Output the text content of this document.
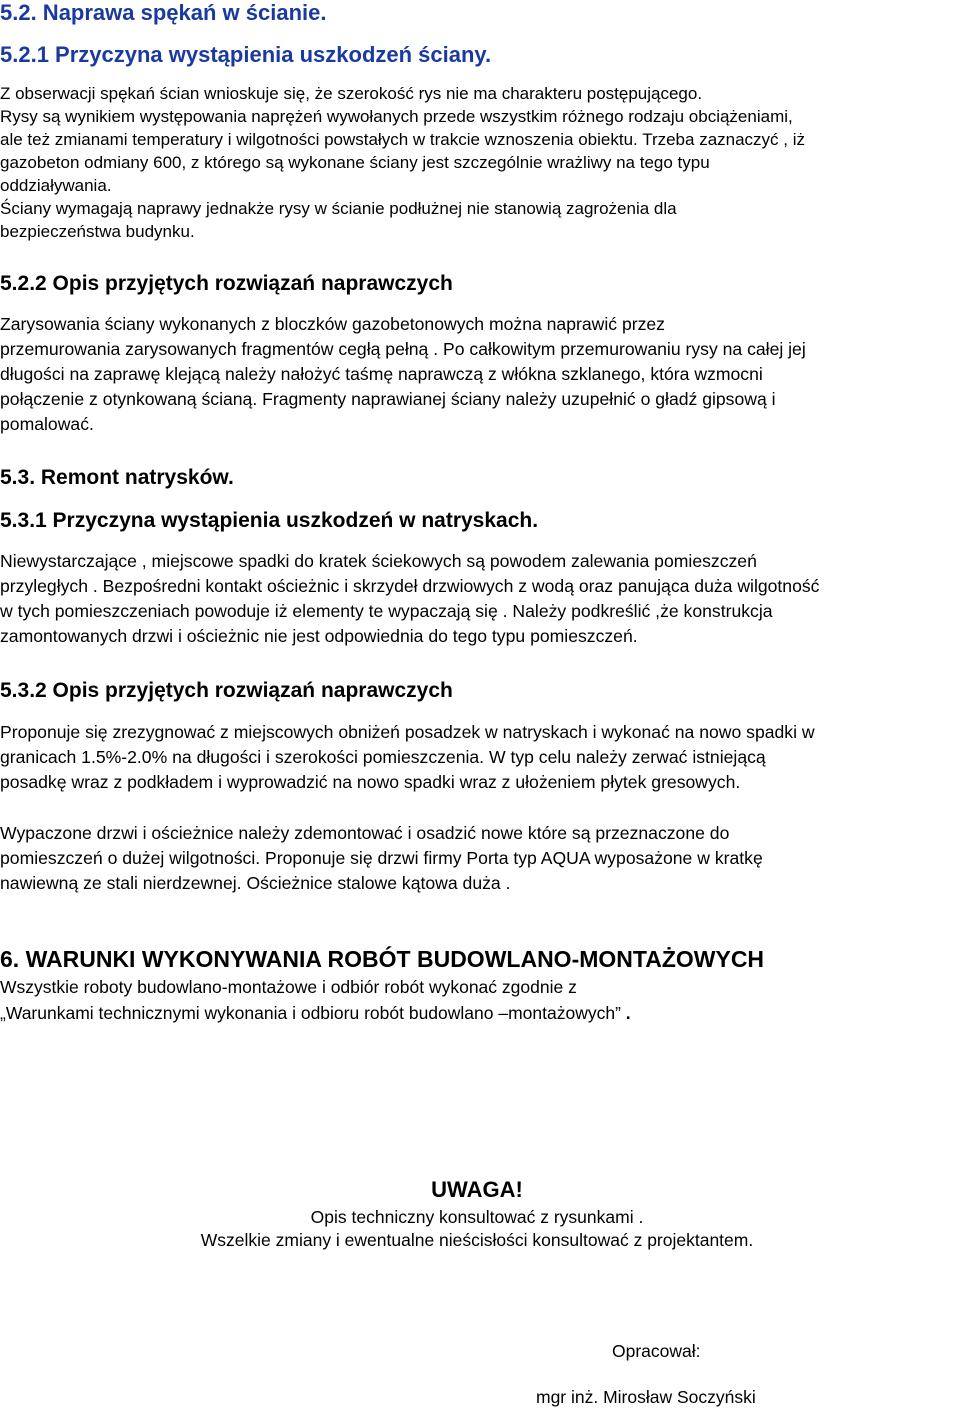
5.2. Naprawa spękań w ścianie.
5.2.1 Przyczyna wystąpienia uszkodzeń ściany.
Z obserwacji spękań ścian wnioskuje się, że szerokość rys nie ma charakteru postępującego.
Rysy są wynikiem występowania naprężeń wywołanych przede wszystkim różnego rodzaju obciążeniami,
ale też zmianami temperatury i wilgotności powstałych w trakcie wznoszenia obiektu. Trzeba zaznaczyć , iż
gazobeton odmiany 600, z którego są wykonane ściany jest szczególnie wrażliwy na tego typu
oddziaływania.
Ściany wymagają naprawy jednakże rysy w ścianie podłużnej nie stanowią zagrożenia dla
bezpieczeństwa budynku.
5.2.2 Opis przyjętych rozwiązań naprawczych
Zarysowania ściany wykonanych z bloczków gazobetonowych można naprawić przez
przemurowania zarysowanych fragmentów cegłą pełną . Po całkowitym przemurowaniu rysy na całej jej
długości na zaprawę klejącą należy nałożyć taśmę naprawczą z włókna szklanego, która wzmocni
połączenie z otynkowaną ścianą. Fragmenty naprawianej ściany należy uzupełnić o gładź gipsową i
pomalować.
5.3. Remont natrysków.
5.3.1 Przyczyna wystąpienia uszkodzeń w natryskach.
Niewystarczające , miejscowe spadki do kratek ściekowych są powodem zalewania pomieszczeń
przyległych . Bezpośredni kontakt ościeżnic i skrzydeł drzwiowych z wodą oraz panująca duża wilgotność
w tych pomieszczeniach powoduje iż elementy te wypaczają się . Należy podkreślić ,że konstrukcja
zamontowanych drzwi i ościeżnic nie jest odpowiednia do tego typu pomieszczeń.
5.3.2 Opis przyjętych rozwiązań naprawczych
Proponuje się zrezygnować z miejscowych obniżeń posadzek w natryskach i wykonać na nowo spadki w
granicach 1.5%-2.0% na długości i szerokości pomieszczenia. W typ celu należy zerwać istniejącą
posadkę wraz z podkładem i wyprowadzić na nowo spadki wraz z ułożeniem płytek gresowych.
Wypaczone drzwi i ościeżnice należy zdemontować i osadzić nowe które są przeznaczone do
pomieszczeń o dużej wilgotności. Proponuje się drzwi firmy Porta typ AQUA wyposażone w kratkę
nawiewną ze stali nierdzewnej. Ościeżnice stalowe kątowa duża .
6. WARUNKI WYKONYWANIA ROBÓT BUDOWLANO-MONTAŻOWYCH
Wszystkie roboty budowlano-montażowe i odbiór robót wykonać zgodnie z
„Warunkami technicznymi wykonania i odbioru robót budowlano –montażowych” .
UWAGA!
Opis techniczny konsultować z rysunkami .
Wszelkie zmiany i ewentualne nieścisłości konsultować z projektantem.
Opracował:
mgr inż. Mirosław Soczyński
